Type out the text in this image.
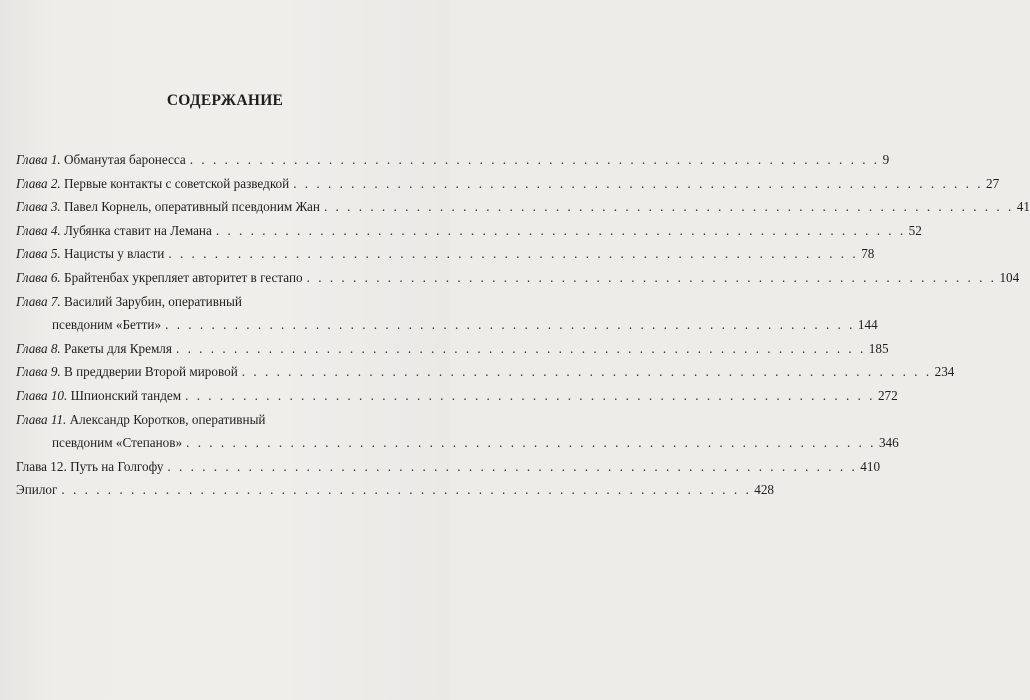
СОДЕРЖАНИЕ
Глава 1.
Обманутая баронесса . . . . . . . . . . . . . . . . . . . . . . . . . . . . . . . . . . . . . . . . . . . . . . . . . . . . . . . . . . . . 9
Глава 2.
Первые контакты с советской разведкой . . . . . . . . . . . . . . . . . . . . . . . . . . . . . . . . . . . . . . . . . . . . . . . . . . . . . . . . . . . . 27
Глава 3.
Павел Корнель, оперативный псевдоним Жан . . . . . . . . . . . . . . . . . . . . . . . . . . . . . . . . . . . . . . . . . . . . . . . . . . . . . . . . . . . . 41
Глава 4.
Лубянка ставит на Лемана . . . . . . . . . . . . . . . . . . . . . . . . . . . . . . . . . . . . . . . . . . . . . . . . . . . . . . . . . . . . 52
Глава 5.
Нацисты у власти . . . . . . . . . . . . . . . . . . . . . . . . . . . . . . . . . . . . . . . . . . . . . . . . . . . . . . . . . . . . 78
Глава 6.
Брайтенбах укрепляет авторитет в гестапо . . . . . . . . . . . . . . . . . . . . . . . . . . . . . . . . . . . . . . . . . . . . . . . . . . . . . . . . . . . . 104
Глава 7.
Василий Зарубин, оперативный
псевдоним «Бетти» . . . . . . . . . . . . . . . . . . . . . . . . . . . . . . . . . . . . . . . . . . . . . . . . . . . . . . . . . . . . 144
Глава 8.
Ракеты для Кремля . . . . . . . . . . . . . . . . . . . . . . . . . . . . . . . . . . . . . . . . . . . . . . . . . . . . . . . . . . . . 185
Глава 9.
В преддверии Второй мировой . . . . . . . . . . . . . . . . . . . . . . . . . . . . . . . . . . . . . . . . . . . . . . . . . . . . . . . . . . . . 234
Глава 10.
Шпионский тандем . . . . . . . . . . . . . . . . . . . . . . . . . . . . . . . . . . . . . . . . . . . . . . . . . . . . . . . . . . . . 272
Глава 11.
Александр Коротков, оперативный
псевдоним «Степанов» . . . . . . . . . . . . . . . . . . . . . . . . . . . . . . . . . . . . . . . . . . . . . . . . . . . . . . . . . . . . 346
Глава 12.
Путь на Голгофу . . . . . . . . . . . . . . . . . . . . . . . . . . . . . . . . . . . . . . . . . . . . . . . . . . . . . . . . . . . . 410
Эпилог . . . . . . . . . . . . . . . . . . . . . . . . . . . . . . . . . . . . . . . . . . . . . . . . . . . . . . . . . . . . 428
